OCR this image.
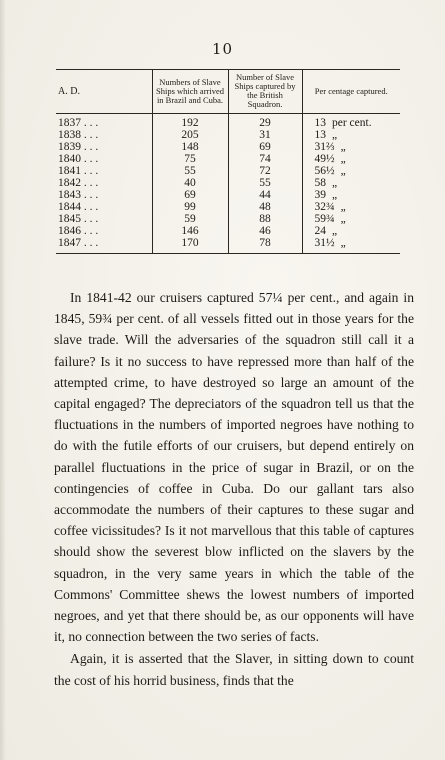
10
A. D.	Numbers of Slave Ships which arrived in Brazil and Cuba.	Number of Slave Ships captured by the British Squadron.	Per centage captured.
1837 . . .	192	29	13 per cent.
1838 . . .	205	31	13 „
1839 . . .	148	69	31⅔ „
1840 . . .	75	74	49½ „
1841 . . .	55	72	56½ „
1842 . . .	40	55	58 „
1843 . . .	69	44	39 „
1844 . . .	99	48	32¾ „
1845 . . .	59	88	59¾ „
1846 . . .	146	46	24 „
1847 . . .	170	78	31½ „

In 1841-42 our cruisers captured 57¼ per cent., and again in 1845, 59¾ per cent. of all vessels fitted out in those years for the slave trade. Will the adversaries of the squadron still call it a failure? Is it no success to have repressed more than half of the attempted crime, to have destroyed so large an amount of the capital engaged? The depreciators of the squadron tell us that the fluctuations in the numbers of imported negroes have nothing to do with the futile efforts of our cruisers, but depend entirely on parallel fluctuations in the price of sugar in Brazil, or on the contingencies of coffee in Cuba. Do our gallant tars also accommodate the numbers of their captures to these sugar and coffee vicissitudes? Is it not marvellous that this table of captures should show the severest blow inflicted on the slavers by the squadron, in the very same years in which the table of the Commons' Committee shews the lowest numbers of imported negroes, and yet that there should be, as our opponents will have it, no connection between the two series of facts.

Again, it is asserted that the Slaver, in sitting down to count the cost of his horrid business, finds that the
